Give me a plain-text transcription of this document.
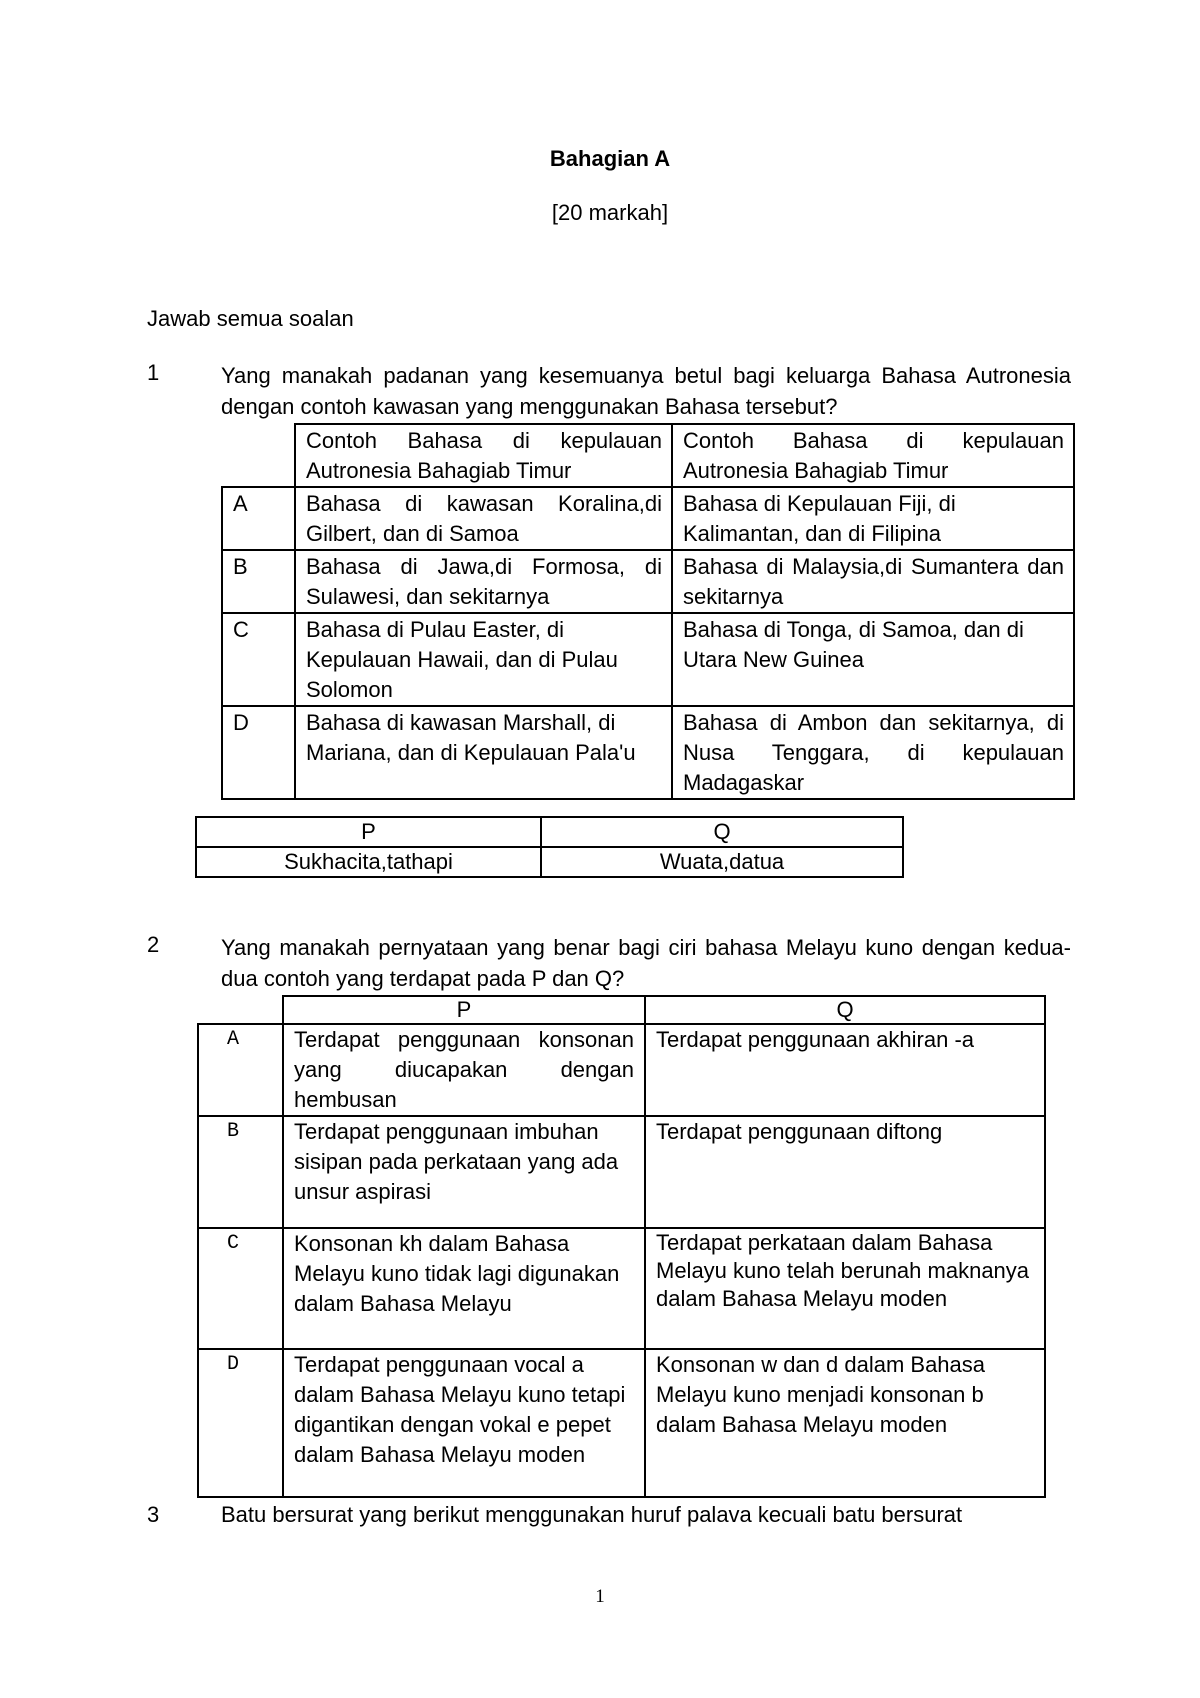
Bahagian A
[20 markah]
Jawab semua soalan
1	Yang manakah padanan yang kesemuanya betul bagi keluarga Bahasa Autronesia dengan contoh kawasan yang menggunakan Bahasa tersebut?
	Contoh Bahasa di kepulauan Autronesia Bahagiab Timur	Contoh Bahasa di kepulauan Autronesia Bahagiab Timur
A	Bahasa di kawasan Koralina,di Gilbert, dan di Samoa	Bahasa di Kepulauan Fiji, di Kalimantan, dan di Filipina
B	Bahasa di Jawa,di Formosa, di Sulawesi, dan sekitarnya	Bahasa di Malaysia,di Sumantera dan sekitarnya
C	Bahasa di Pulau Easter, di Kepulauan Hawaii, dan di Pulau Solomon	Bahasa di Tonga, di Samoa, dan di Utara New Guinea
D	Bahasa di kawasan Marshall, di Mariana, dan di Kepulauan Pala'u	Bahasa di Ambon dan sekitarnya, di Nusa Tenggara, di kepulauan Madagaskar
P	Q
Sukhacita,tathapi	Wuata,datua
2	Yang manakah pernyataan yang benar bagi ciri bahasa Melayu kuno dengan kedua-dua contoh yang terdapat pada P dan Q?
	P	Q
A	Terdapat penggunaan konsonan yang diucapakan dengan hembusan	Terdapat penggunaan akhiran -a
B	Terdapat penggunaan imbuhan sisipan pada perkataan yang ada unsur aspirasi	Terdapat penggunaan diftong
C	Konsonan kh dalam Bahasa Melayu kuno tidak lagi digunakan dalam Bahasa Melayu	Terdapat perkataan dalam Bahasa Melayu kuno telah berunah maknanya dalam Bahasa Melayu moden
D	Terdapat penggunaan vocal a dalam Bahasa Melayu kuno tetapi digantikan dengan vokal e pepet dalam Bahasa Melayu moden	Konsonan w dan d dalam Bahasa Melayu kuno menjadi konsonan b dalam Bahasa Melayu moden
3	Batu bersurat yang berikut menggunakan huruf palava kecuali batu bersurat
1
